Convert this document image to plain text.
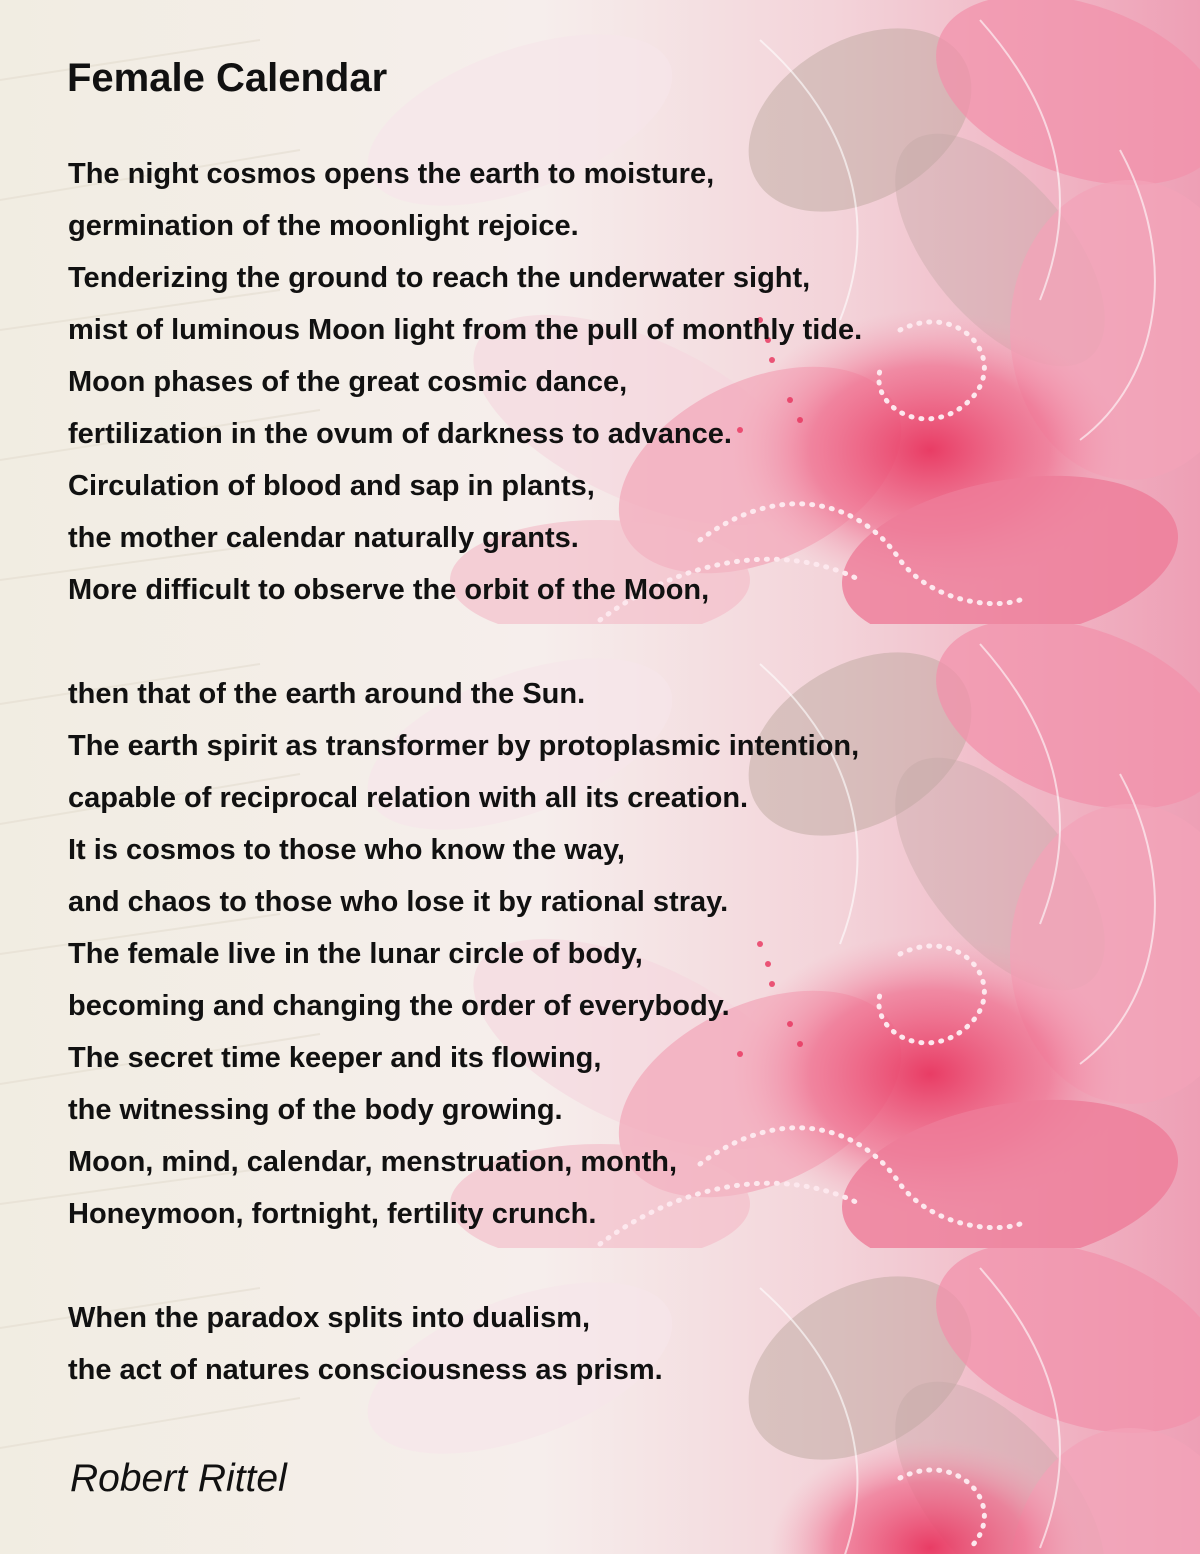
Female Calendar
The night cosmos opens the earth to moisture,
germination of the moonlight rejoice.
Tenderizing the ground to reach the underwater sight,
mist of luminous Moon light from the pull of monthly tide.
Moon phases of the great cosmic dance,
fertilization in the ovum of darkness to advance.
Circulation of blood and sap in plants,
the mother calendar naturally grants.
More difficult to observe the orbit of the Moon,
then that of the earth around the Sun.
The earth spirit as transformer by protoplasmic intention,
capable of reciprocal relation with all its creation.
It is cosmos to those who know the way,
and chaos to those who lose it by rational stray.
The female live in the lunar circle of body,
becoming and changing the order of everybody.
The secret time keeper and its flowing,
the witnessing of the body growing.
Moon, mind, calendar, menstruation, month,
Honeymoon, fortnight, fertility crunch.
When the paradox splits into dualism,
the act of natures consciousness as prism.
Robert Rittel
